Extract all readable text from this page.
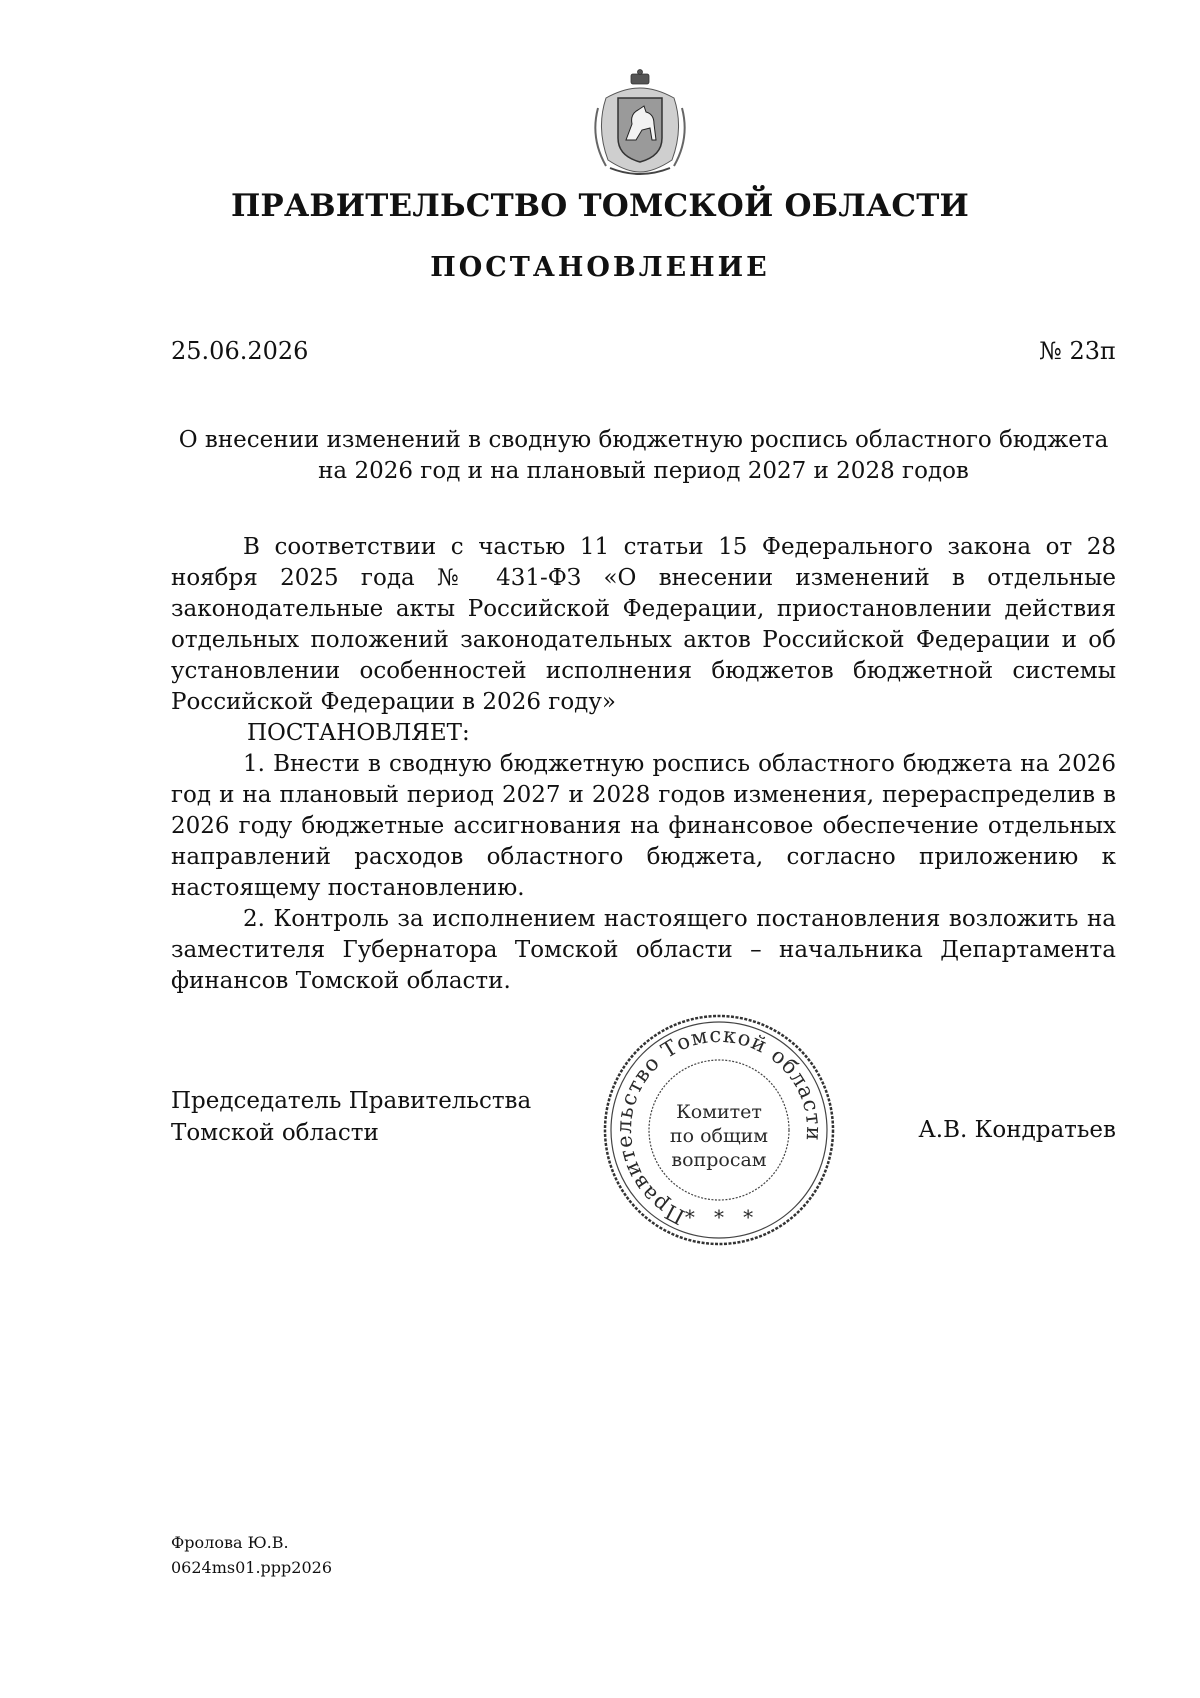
ПРАВИТЕЛЬСТВО ТОМСКОЙ ОБЛАСТИ
ПОСТАНОВЛЕНИЕ
25.06.2026	№ 23п
О внесении изменений в сводную бюджетную роспись областного бюджета
на 2026 год и на плановый период 2027 и 2028 годов

В соответствии с частью 11 статьи 15 Федерального закона от 28 ноября 2025 года № 431-ФЗ «О внесении изменений в отдельные законодательные акты Российской Федерации, приостановлении действия отдельных положений законодательных актов Российской Федерации и об установлении особенностей исполнения бюджетов бюджетной системы Российской Федерации в 2026 году»

ПОСТАНОВЛЯЕТ:

1. Внести в сводную бюджетную роспись областного бюджета на 2026 год и на плановый период 2027 и 2028 годов изменения, перераспределив в 2026 году бюджетные ассигнования на финансовое обеспечение отдельных направлений расходов областного бюджета, согласно приложению к настоящему постановлению.

2. Контроль за исполнением настоящего постановления возложить на заместителя Губернатора Томской области – начальника Департамента финансов Томской области.

Председатель Правительства
Томской области
Правительство Томской области
Комитет
по общим
вопросам
*   *   *
А.В. Кондратьев
Фролова Ю.В.
0624ms01.ppp2026
